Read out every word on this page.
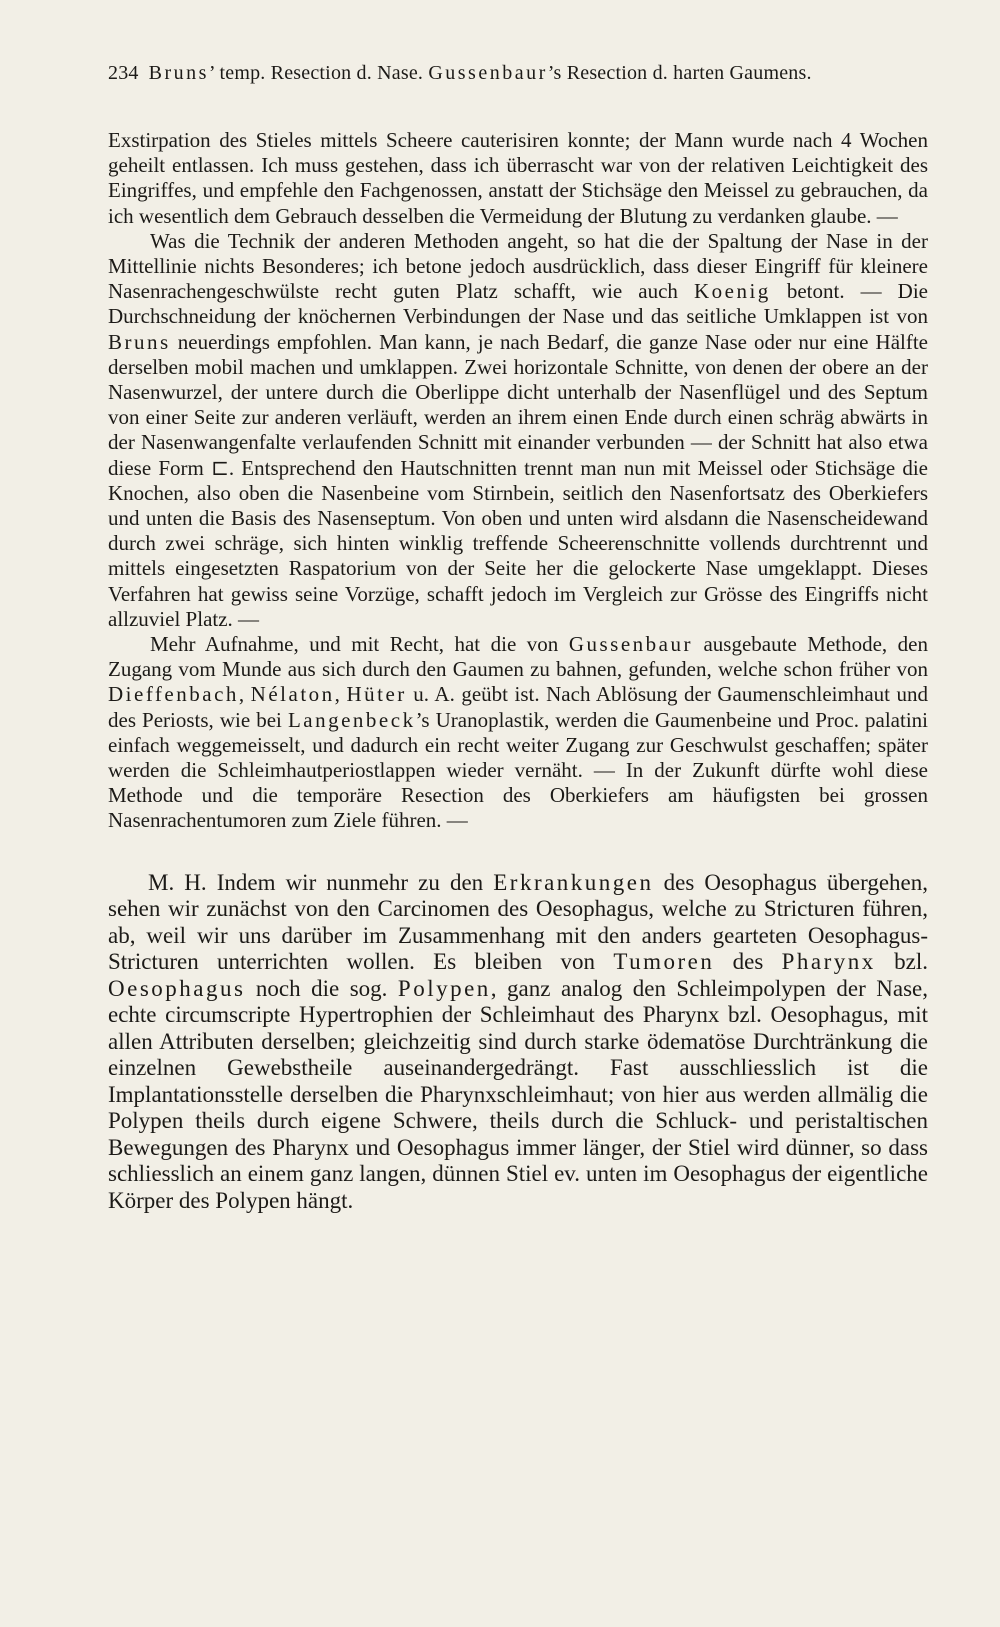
234 Bruns’ temp. Resection d. Nase. Gussenbaur’s Resection d. harten Gaumens.

Exstirpation des Stieles mittels Scheere cauterisiren konnte; der Mann wurde nach 4 Wochen geheilt entlassen. Ich muss gestehen, dass ich überrascht war von der relativen Leichtigkeit des Eingriffes, und empfehle den Fachgenossen, anstatt der Stichsäge den Meissel zu gebrauchen, da ich wesentlich dem Gebrauch desselben die Vermeidung der Blutung zu verdanken glaube. —

Was die Technik der anderen Methoden angeht, so hat die der Spaltung der Nase in der Mittellinie nichts Besonderes; ich betone jedoch ausdrücklich, dass dieser Eingriff für kleinere Nasenrachengeschwülste recht guten Platz schafft, wie auch Koenig betont. — Die Durchschneidung der knöchernen Verbindungen der Nase und das seitliche Umklappen ist von Bruns neuerdings empfohlen. Man kann, je nach Bedarf, die ganze Nase oder nur eine Hälfte derselben mobil machen und umklappen. Zwei horizontale Schnitte, von denen der obere an der Nasenwurzel, der untere durch die Oberlippe dicht unterhalb der Nasenflügel und des Septum von einer Seite zur anderen verläuft, werden an ihrem einen Ende durch einen schräg abwärts in der Nasenwangenfalte verlaufenden Schnitt mit einander verbunden — der Schnitt hat also etwa diese Form ⊏. Entsprechend den Hautschnitten trennt man nun mit Meissel oder Stichsäge die Knochen, also oben die Nasenbeine vom Stirnbein, seitlich den Nasenfortsatz des Oberkiefers und unten die Basis des Nasenseptum. Von oben und unten wird alsdann die Nasenscheidewand durch zwei schräge, sich hinten winklig treffende Scheerenschnitte vollends durchtrennt und mittels eingesetzten Raspatorium von der Seite her die gelockerte Nase umgeklappt. Dieses Verfahren hat gewiss seine Vorzüge, schafft jedoch im Vergleich zur Grösse des Eingriffs nicht allzuviel Platz. —

Mehr Aufnahme, und mit Recht, hat die von Gussenbaur ausgebaute Methode, den Zugang vom Munde aus sich durch den Gaumen zu bahnen, gefunden, welche schon früher von Dieffenbach, Nélaton, Hüter u. A. geübt ist. Nach Ablösung der Gaumenschleimhaut und des Periosts, wie bei Langenbeck’s Uranoplastik, werden die Gaumenbeine und Proc. palatini einfach weggemeisselt, und dadurch ein recht weiter Zugang zur Geschwulst geschaffen; später werden die Schleimhautperiostlappen wieder vernäht. — In der Zukunft dürfte wohl diese Methode und die temporäre Resection des Oberkiefers am häufigsten bei grossen Nasenrachentumoren zum Ziele führen. —

M. H. Indem wir nunmehr zu den Erkrankungen des Oesophagus übergehen, sehen wir zunächst von den Carcinomen des Oesophagus, welche zu Stricturen führen, ab, weil wir uns darüber im Zusammenhang mit den anders gearteten Oesophagus-Stricturen unterrichten wollen. Es bleiben von Tumoren des Pharynx bzl. Oesophagus noch die sog. Polypen, ganz analog den Schleimpolypen der Nase, echte circumscripte Hypertrophien der Schleimhaut des Pharynx bzl. Oesophagus, mit allen Attributen derselben; gleichzeitig sind durch starke ödematöse Durchtränkung die einzelnen Gewebstheile auseinandergedrängt. Fast ausschliesslich ist die Implantationsstelle derselben die Pharynxschleimhaut; von hier aus werden allmälig die Polypen theils durch eigene Schwere, theils durch die Schluck- und peristaltischen Bewegungen des Pharynx und Oesophagus immer länger, der Stiel wird dünner, so dass schliesslich an einem ganz langen, dünnen Stiel ev. unten im Oesophagus der eigentliche Körper des Polypen hängt.
